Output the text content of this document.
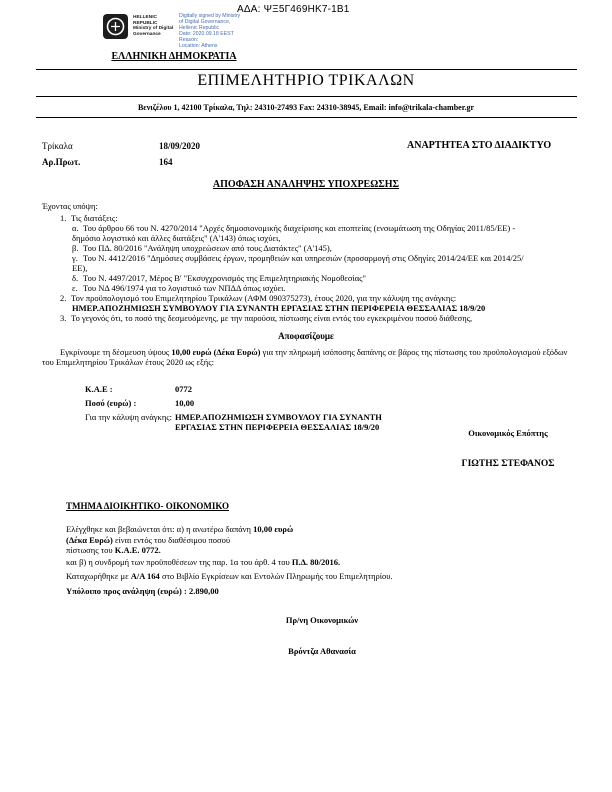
ΑΔΑ: ΨΞ5Γ469ΗΚ7-1Β1
HELLENIC REPUBLIC
Ministry of Digital
Governance
Digitally signed by Ministry
of Digital Governance,
Hellenic Republic
Date: 2020.09.18 EEST
Reason:
Location: Athens
ΕΛΛΗΝΙΚΗ ΔΗΜΟΚΡΑΤΙΑ
ΕΠΙΜΕΛΗΤΗΡΙΟ ΤΡΙΚΑΛΩΝ
Βενιζέλου 1, 42100 Τρίκαλα, Τηλ: 24310-27493 Fax: 24310-38945, Email: info@trikala-chamber.gr
Τρίκαλα	18/09/2020	ΑΝΑΡΤΗΤΕΑ ΣΤΟ ΔΙΑΔΙΚΤΥΟ
Αρ.Πρωτ.	164
ΑΠΟΦΑΣΗ ΑΝΑΛΗΨΗΣ ΥΠΟΧΡΕΩΣΗΣ
Έχοντας υπόψη:
1. Τις διατάξεις:
α. Του άρθρου 66 του Ν. 4270/2014 "Αρχές δημοσιονομικής διαχείρισης και εποπτείας (ενσωμάτωση της Οδηγίας 2011/85/ΕΕ) - δημόσιο λογιστικό και άλλες διατάξεις" (Α'143) όπως ισχύει,
β. Του ΠΔ. 80/2016 "Ανάληψη υποχρεώσεων από τους Διατάκτες" (Α'145),
γ. Του Ν. 4412/2016 "Δημόσιες συμβάσεις έργων, προμηθειών και υπηρεσιών (προσαρμογή στις Οδηγίες 2014/24/ΕΕ και 2014/25/ΕΕ),
δ. Του Ν. 4497/2017, Μέρος Β' "Εκσυγχρονισμός της Επιμελητηριακής Νομοθεσίας"
ε. Του ΝΔ 496/1974 για το λογιστικό των ΝΠΔΔ όπως ισχύει.
2. Τον προϋπολογισμό του Επιμελητηρίου Τρικάλων (ΑΦΜ 090375273), έτους 2020, για την κάλυψη της ανάγκης:
ΗΜΕΡ.ΑΠΟΖΗΜΙΩΣΗ ΣΥΜΒΟΥΛΟΥ ΓΙΑ ΣΥΝΑΝΤΗ ΕΡΓΑΣΙΑΣ ΣΤΗΝ ΠΕΡΙΦΕΡΕΙΑ ΘΕΣΣΑΛΙΑΣ 18/9/20
3. Το γεγονός ότι, το ποσό της δεσμευόμενης, με την παρούσα, πίστωσης είναι εντός του εγκεκριμένου ποσού διάθεσης,
Αποφασίζουμε
Εγκρίνουμε τη δέσμευση ύψους 10,00 ευρώ (Δέκα Ευρώ) για την πληρωμή ισόποσης δαπάνης σε βάρος της πίστωσης του προϋπολογισμού εξόδων του Επιμελητηρίου Τρικάλων έτους 2020 ως εξής:
Κ.Α.Ε :	0772
Ποσό (ευρώ) :	10,00
Για την κάλυψη ανάγκης: ΗΜΕΡ.ΑΠΟΖΗΜΙΩΣΗ ΣΥΜΒΟΥΛΟΥ ΓΙΑ ΣΥΝΑΝΤΗ ΕΡΓΑΣΙΑΣ ΣΤΗΝ ΠΕΡΙΦΕΡΕΙΑ ΘΕΣΣΑΛΙΑΣ 18/9/20
Οικονομικός Επόπτης
ΓΙΩΤΗΣ ΣΤΕΦΑΝΟΣ
ΤΜΗΜΑ ΔΙΟΙΚΗΤΙΚΟ- ΟΙΚΟΝΟΜΙΚΟ
Ελέγχθηκε και βεβαιώνεται ότι: α) η ανωτέρω δαπάνη 10,00 ευρώ
(Δέκα Ευρώ) είναι εντός του διαθέσιμου ποσού
πίστωσης του Κ.Α.Ε. 0772.
και β) η συνδρομή των προϋποθέσεων της παρ. 1α του άρθ. 4 του Π.Δ. 80/2016.
Καταχωρήθηκε με Α/Α 164 στο Βιβλίο Εγκρίσεων και Εντολών Πληρωμής του Επιμελητηρίου.
Υπόλοιπο προς ανάληψη (ευρώ) : 2.890,00
Πρ/νη Οικονομικών
Βρόντζα Αθανασία
